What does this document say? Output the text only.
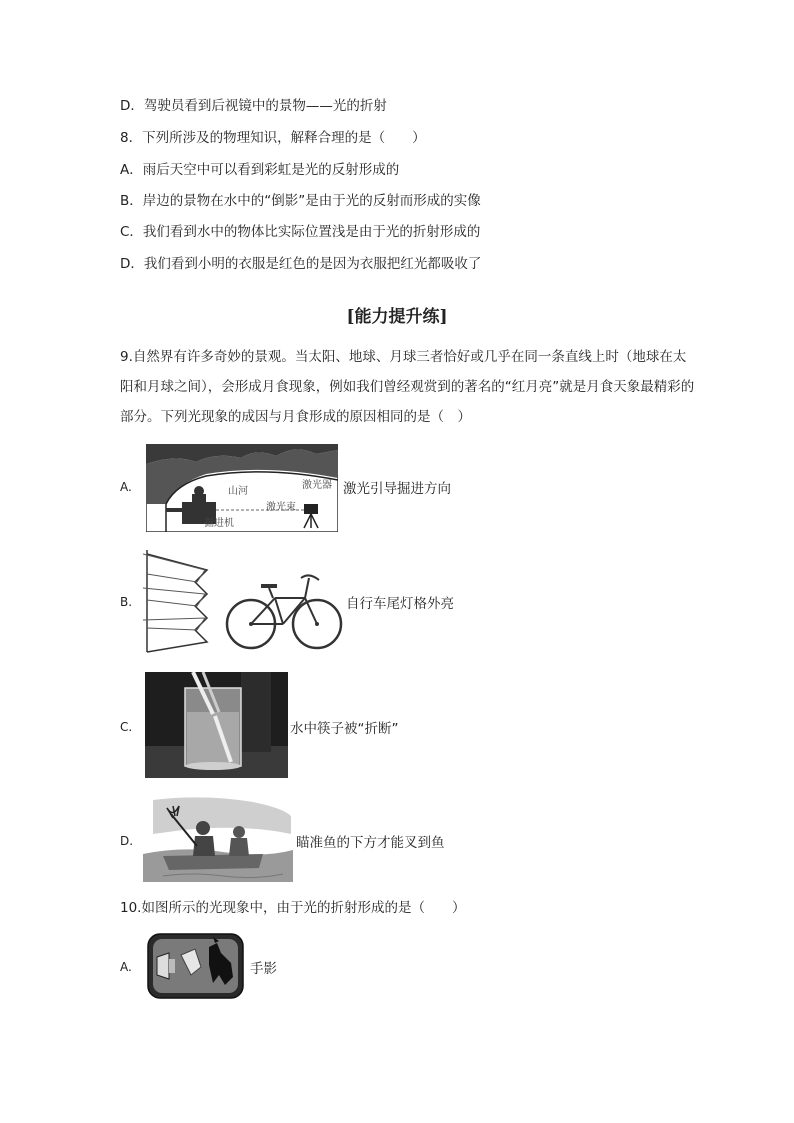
D．驾驶员看到后视镜中的景物——光的折射
8．下列所涉及的物理知识，解释合理的是（　　）
A．雨后天空中可以看到彩虹是光的反射形成的
B．岸边的景物在水中的“倒影”是由于光的反射而形成的实像
C．我们看到水中的物体比实际位置浅是由于光的折射形成的
D．我们看到小明的衣服是红色的是因为衣服把红光都吸收了
[能力提升练]
9.自然界有许多奇妙的景观。当太阳、地球、月球三者恰好或几乎在同一条直线上时（地球在太阳和月球之间），会形成月食现象，例如我们曾经观赏到的著名的“红月亮”就是月食天象最精彩的部分。下列光现象的成因与月食形成的原因相同的是（　）
A.	山河
激光器
激光束
掘进机
激光引导掘进方向
B.	自行车尾灯格外亮
C.	水中筷子被“折断”
D.	瞄准鱼的下方才能叉到鱼
10.如图所示的光现象中，由于光的折射形成的是（　　）
A.	手影
